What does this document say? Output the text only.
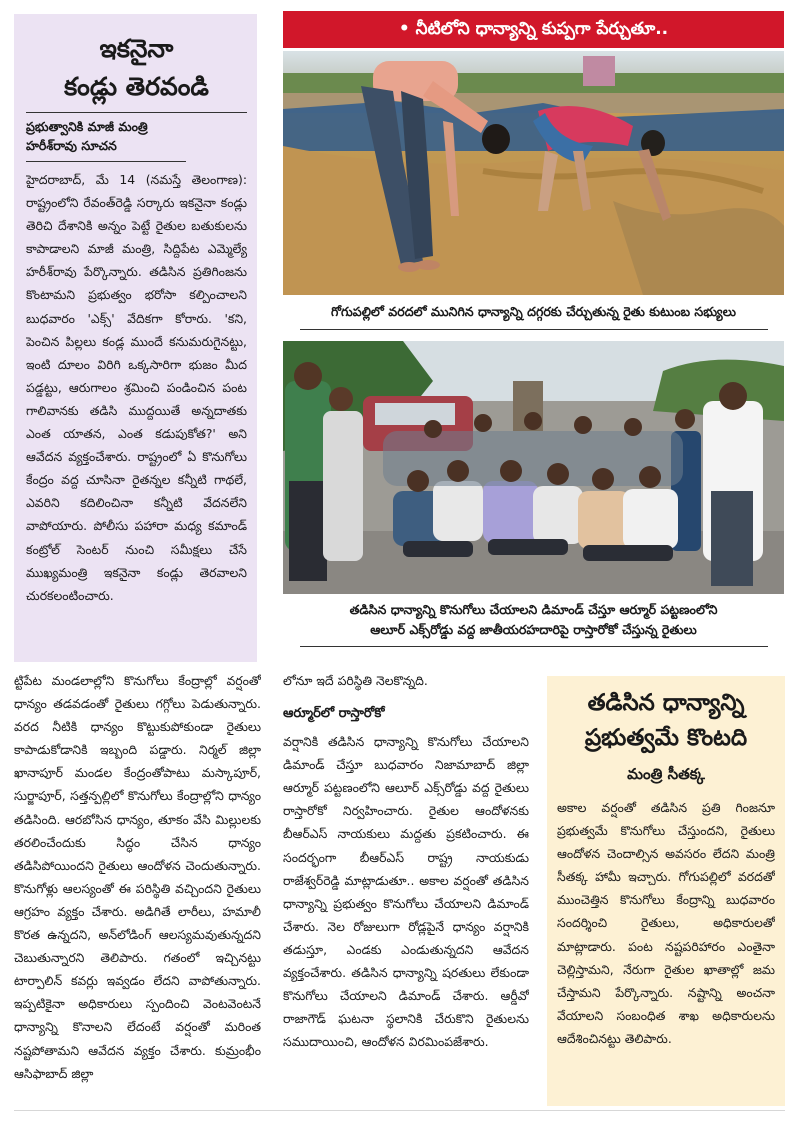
ఇకనైనా
కండ్లు తెరవండి
ప్రభుత్వానికి మాజీ మంత్రి
హరీశ్‌రావు సూచన

హైదరాబాద్, మే 14 (నమస్తే తెలంగాణ): రాష్ట్రంలోని రేవంత్‌రెడ్డి సర్కారు ఇకనైనా కండ్లు తెరిచి దేశానికి అన్నం పెట్టే రైతుల బతుకులను కాపాడాలని మాజీ మంత్రి, సిద్దిపేట ఎమ్మెల్యే హరీశ్‌రావు పేర్కొన్నారు. తడిసిన ప్రతిగింజను కొంటామని ప్రభుత్వం భరోసా కల్పించాలని బుధవారం 'ఎక్స్' వేదికగా కోరారు. 'కని, పెంచిన పిల్లలు కండ్ల ముందే కనుమరుగైనట్టు, ఇంటి దూలం విరిగి ఒక్కసారిగా భుజం మీద పడ్డట్టు, ఆరుగాలం శ్రమించి పండించిన పంట గాలివానకు తడిసి ముద్దయితే అన్నదాతకు ఎంత యాతన, ఎంత కడుపుకోత?' అని ఆవేదన వ్యక్తంచేశారు. రాష్ట్రంలో ఏ కొనుగోలు కేంద్రం వద్ద చూసినా రైతన్నల కన్నీటి గాథలే, ఎవరిని కదిలించినా కన్నీటి వేదనలేని వాపోయారు. పోలీసు పహారా మధ్య కమాండ్ కంట్రోల్ సెంటర్ నుంచి సమీక్షలు చేసే ముఖ్యమంత్రి ఇకనైనా కండ్లు తెరవాలని చురకలంటించారు.

• నీటిలోని ధాన్యాన్ని కుప్పగా పేర్చుతూ..
గోగుపల్లిలో వరదలో మునిగిన ధాన్యాన్ని దగ్గరకు చేర్చుతున్న రైతు కుటుంబ సభ్యులు
తడిసిన ధాన్యాన్ని కొనుగోలు చేయాలని డిమాండ్ చేస్తూ ఆర్మూర్ పట్టణంలోని
ఆలూర్ ఎక్స్‌రోడ్డు వద్ద జాతీయరహదారిపై రాస్తారోకో చేస్తున్న రైతులు

ట్టిపేట మండలాల్లోని కొనుగోలు కేంద్రాల్లో వర్షంతో ధాన్యం తడవడంతో రైతులు గగ్గోలు పెడుతున్నారు. వరద నీటికి ధాన్యం కొట్టుకుపోకుండా రైతులు కాపాడుకోడానికి ఇబ్బంది పడ్డారు. నిర్మల్ జిల్లా ఖానాపూర్ మండల కేంద్రంతోపాటు మస్కాపూర్, సుర్జాపూర్, సత్తన్పల్లిలో కొనుగోలు కేంద్రాల్లోని ధాన్యం తడిసింది. ఆరబోసిన ధాన్యం, తూకం వేసి మిల్లులకు తరలించేందుకు సిద్ధం చేసిన ధాన్యం తడిసిపోయిందని రైతులు ఆందోళన చెందుతున్నారు. కొనుగోళ్లు ఆలస్యంతో ఈ పరిస్థితి వచ్చిందని రైతులు ఆగ్రహం వ్యక్తం చేశారు. అడిగితే లారీలు, హమాలీ కొరత ఉన్నదని, అన్‌లోడింగ్ ఆలస్యమవుతున్నదని చెబుతున్నారని తెలిపారు. గతంలో ఇచ్చినట్టు టార్పాలిన్ కవర్లు ఇవ్వడం లేదని వాపోతున్నారు. ఇప్పటికైనా అధికారులు స్పందించి వెంటవెంటనే ధాన్యాన్ని కొనాలని లేదంటే వర్షంతో మరింత నష్టపోతామని ఆవేదన వ్యక్తం చేశారు. కుమ్రంభీం ఆసిఫాబాద్ జిల్లా

లోనూ ఇదే పరిస్థితి నెలకొన్నది.

ఆర్మూర్‌లో రాస్తారోకో

వర్షానికి తడిసిన ధాన్యాన్ని కొనుగోలు చేయాలని డిమాండ్ చేస్తూ బుధవారం నిజామాబాద్ జిల్లా ఆర్మూర్ పట్టణంలోని ఆలూర్ ఎక్స్‌రోడ్డు వద్ద రైతులు రాస్తారోకో నిర్వహించారు. రైతుల ఆందోళనకు బీఆర్ఎస్ నాయకులు మద్దతు ప్రకటించారు. ఈ సందర్భంగా బీఆర్ఎస్ రాష్ట్ర నాయకుడు రాజేశ్వర్‌రెడ్డి మాట్లాడుతూ.. అకాల వర్షంతో తడిసిన ధాన్యాన్ని ప్రభుత్వం కొనుగోలు చేయాలని డిమాండ్ చేశారు. నెల రోజులుగా రోడ్లపైనే ధాన్యం వర్షానికి తడుస్తూ, ఎండకు ఎండుతున్నదని ఆవేదన వ్యక్తంచేశారు. తడిసిన ధాన్యాన్ని షరతులు లేకుండా కొనుగోలు చేయాలని డిమాండ్ చేశారు. ఆర్డీవో రాజాగౌడ్ ఘటనా స్థలానికి చేరుకొని రైతులను సముదాయించి, ఆందోళన విరమింపజేశారు.

తడిసిన ధాన్యాన్ని
ప్రభుత్వమే కొంటది
మంత్రి సీతక్క

అకాల వర్షంతో తడిసిన ప్రతి గింజనూ ప్రభుత్వమే కొనుగోలు చేస్తుందని, రైతులు ఆందోళన చెందాల్సిన అవసరం లేదని మంత్రి సీతక్క హామీ ఇచ్చారు. గోగుపల్లిలో వరదతో ముంచెత్తిన కొనుగోలు కేంద్రాన్ని బుధవారం సందర్శించి రైతులు, అధికారులతో మాట్లాడారు. పంట నష్టపరిహారం ఎంతైనా చెల్లిస్తామని, నేరుగా రైతుల ఖాతాల్లో జమ చేస్తామని పేర్కొన్నారు. నష్టాన్ని అంచనా వేయాలని సంబంధిత శాఖ అధికారులను ఆదేశించినట్టు తెలిపారు.
